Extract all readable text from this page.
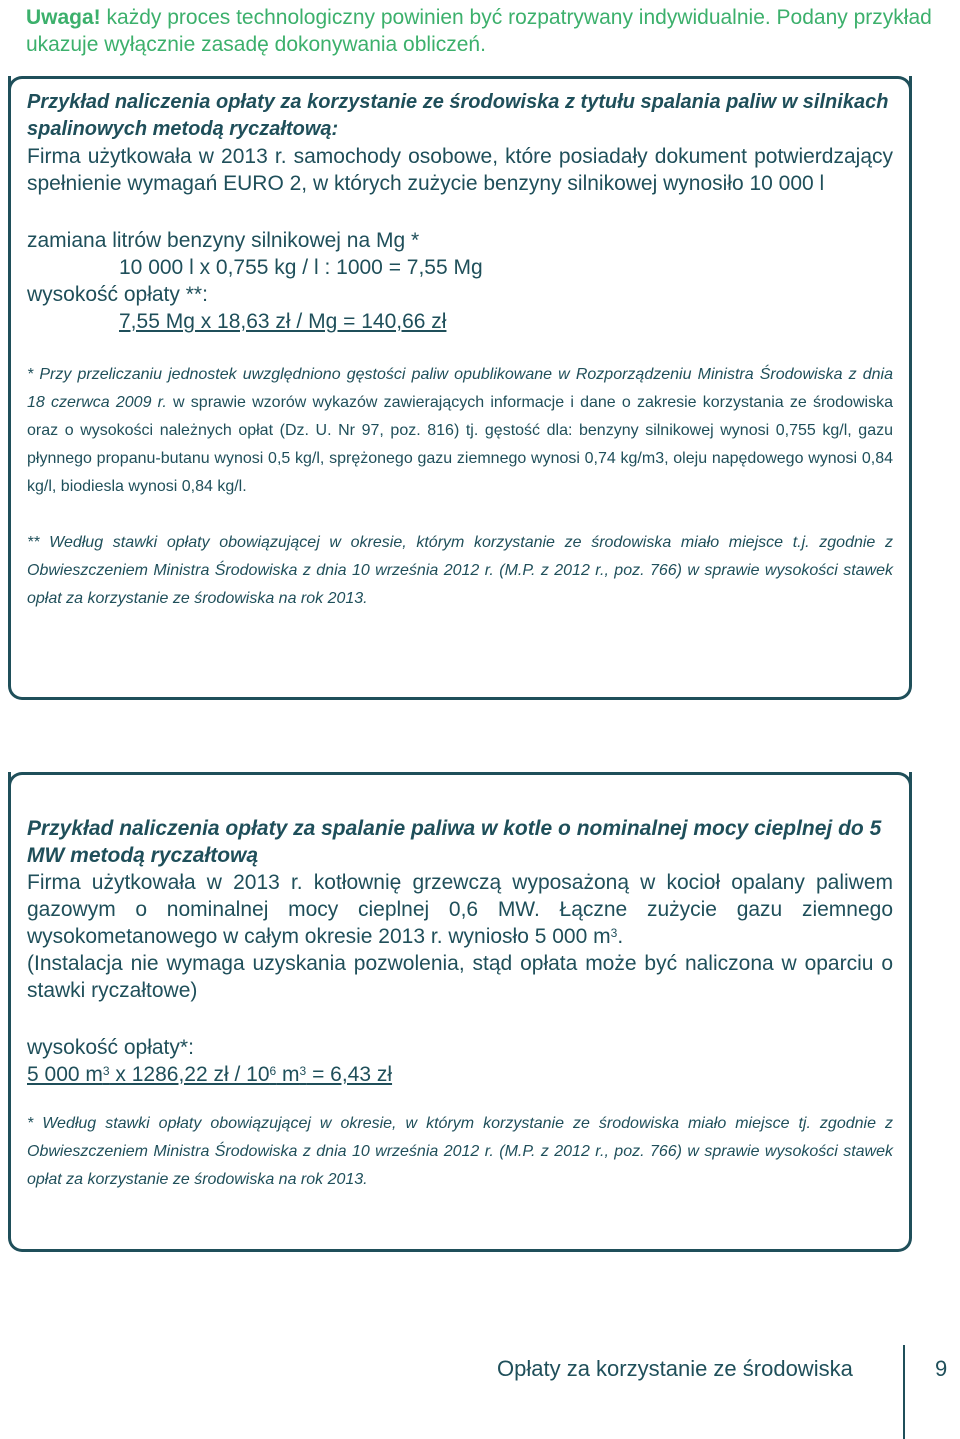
Uwaga! każdy proces technologiczny powinien być rozpatrywany indywidualnie. Podany przykład ukazuje wyłącznie zasadę dokonywania obliczeń.

Przykład naliczenia opłaty za korzystanie ze środowiska z tytułu spalania paliw w silnikach spalinowych metodą ryczałtową:

Firma użytkowała w 2013 r. samochody osobowe, które posiadały dokument potwierdzający spełnienie wymagań EURO 2, w których zużycie benzyny silnikowej wynosiło 10 000 l

zamiana litrów benzyny silnikowej na Mg *

10 000 l x 0,755 kg / l : 1000 = 7,55 Mg

wysokość opłaty **:

7,55 Mg x 18,63 zł / Mg = 140,66 zł

* Przy przeliczaniu jednostek uwzględniono gęstości paliw opublikowane w Rozporządzeniu Ministra Środowiska z dnia 18 czerwca 2009 r. w sprawie wzorów wykazów zawierających informacje i dane o zakresie korzystania ze środowiska oraz o wysokości należnych opłat (Dz. U. Nr 97, poz. 816) tj. gęstość dla: benzyny silnikowej wynosi 0,755 kg/l, gazu płynnego propanu-butanu wynosi 0,5 kg/l, sprężonego gazu ziemnego wynosi 0,74 kg/m3, oleju napędowego wynosi 0,84 kg/l, biodiesla wynosi 0,84 kg/l.

** Według stawki opłaty obowiązującej w okresie, którym korzystanie ze środowiska miało miejsce t.j. zgodnie z Obwieszczeniem Ministra Środowiska z dnia 10 września 2012 r. (M.P. z 2012 r., poz. 766) w sprawie wysokości stawek opłat za korzystanie ze środowiska na rok 2013.

Przykład naliczenia opłaty za spalanie paliwa w kotle o nominalnej mocy cieplnej do 5 MW metodą ryczałtową

Firma użytkowała w 2013 r. kotłownię grzewczą wyposażoną w kocioł opalany paliwem gazowym o nominalnej mocy cieplnej 0,6 MW. Łączne zużycie gazu ziemnego wysokometanowego w całym okresie 2013 r. wyniosło 5 000 $m^3$.

(Instalacja nie wymaga uzyskania pozwolenia, stąd opłata może być naliczona w oparciu o stawki ryczałtowe)

wysokość opłaty*:

5 000 $m^3$ x 1286,22 zł / $10^6$ $m^3 = 6,43$ zł

* Według stawki opłaty obowiązującej w okresie, w którym korzystanie ze środowiska miało miejsce tj. zgodnie z Obwieszczeniem Ministra Środowiska z dnia 10 września 2012 r. (M.P. z 2012 r., poz. 766) w sprawie wysokości stawek opłat za korzystanie ze środowiska na rok 2013.

Opłaty za korzystanie ze środowiska	9
